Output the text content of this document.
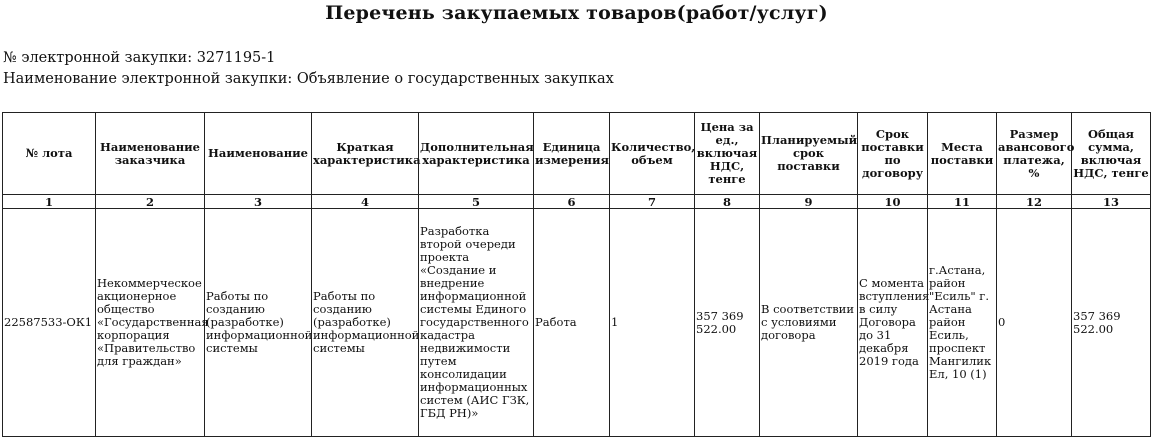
Перечень закупаемых товаров(работ/услуг)
№ электронной закупки: 3271195-1
Наименование электронной закупки: Объявление о государственных закупках
№ лота	Наименование заказчика	Наименование	Краткая характеристика	Дополнительная характеристика	Единица измерения	Количество, объем	Цена за ед., включая НДС, тенге	Планируемый срок поставки	Срок поставки по договору	Места поставки	Размер авансового платежа, %	Общая сумма, включая НДС, тенге
1	2	3	4	5	6	7	8	9	10	11	12	13
22587533-ОК1	Некоммерческое акционерное общество «Государственная корпорация «Правительство для граждан»	Работы по созданию (разработке) информационной системы	Работы по созданию (разработке) информационной системы	Разработка второй очереди проекта «Создание и внедрение информационной системы Единого государственного кадастра недвижимости путем консолидации информационных систем (АИС ГЗК, ГБД РН)»	Работа	1	357 369 522.00	В соответствии с условиями договора	С момента вступления в силу Договора до 31 декабря 2019 года	г.Астана, район "Есиль" г. Астана район Есиль, проспект Мангилик Ел, 10 (1)	0	357 369 522.00
